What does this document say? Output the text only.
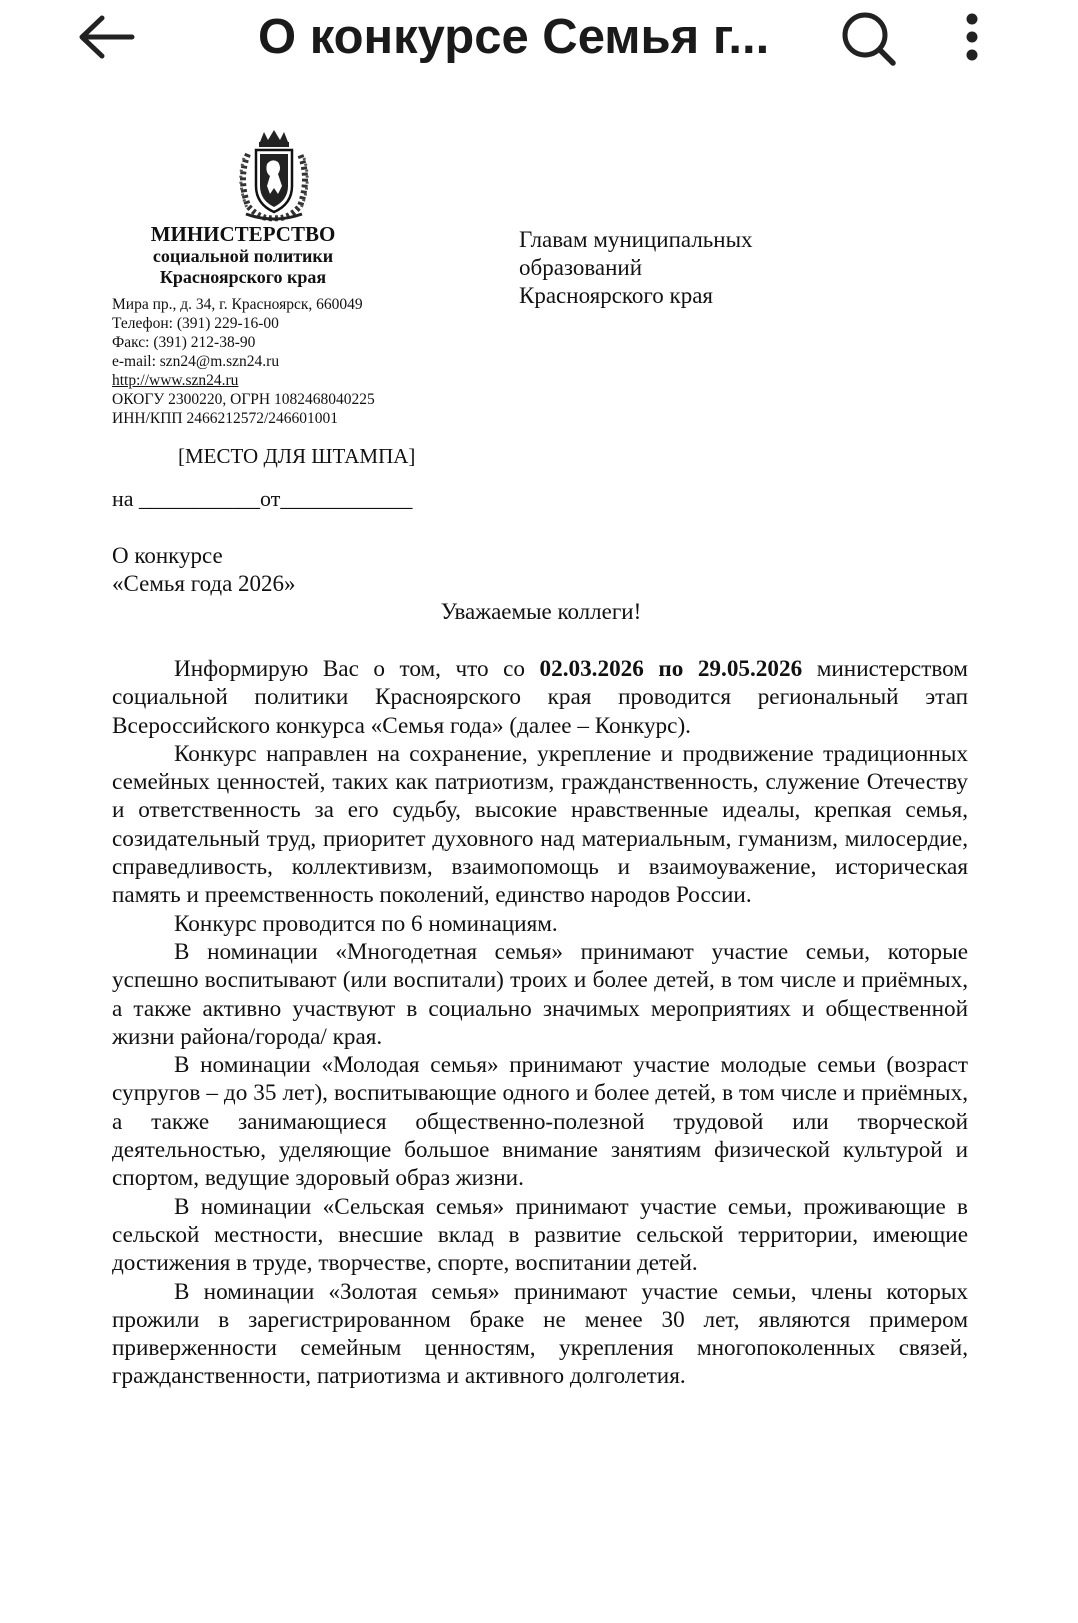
О конкурсе Семья г...
МИНИСТЕРСТВО
социальной политики
Красноярского края
Мира пр., д. 34, г. Красноярск, 660049
Телефон: (391) 229-16-00
Факс: (391) 212-38-90
e-mail: szn24@m.szn24.ru
http://www.szn24.ru
ОКОГУ 2300220, ОГРН 1082468040225
ИНН/КПП 2466212572/246601001
Главам муниципальных
образований
Красноярского края
[МЕСТО ДЛЯ ШТАМПА]
на ___________от____________
О конкурсе
«Семья года 2026»
Уважаемые коллеги!

Информирую Вас о том, что со 02.03.2026 по 29.05.2026 министерством социальной политики Красноярского края проводится региональный этап Всероссийского конкурса «Семья года» (далее – Конкурс).

Конкурс направлен на сохранение, укрепление и продвижение традиционных семейных ценностей, таких как патриотизм, гражданственность, служение Отечеству и ответственность за его судьбу, высокие нравственные идеалы, крепкая семья, созидательный труд, приоритет духовного над материальным, гуманизм, милосердие, справедливость, коллективизм, взаимопомощь и взаимоуважение, историческая память и преемственность поколений, единство народов России.

Конкурс проводится по 6 номинациям.

В номинации «Многодетная семья» принимают участие семьи, которые успешно воспитывают (или воспитали) троих и более детей, в том числе и приёмных, а также активно участвуют в социально значимых мероприятиях и общественной жизни района/города/ края.

В номинации «Молодая семья» принимают участие молодые семьи (возраст супругов – до 35 лет), воспитывающие одного и более детей, в том числе и приёмных, а также занимающиеся общественно-полезной трудовой или творческой деятельностью, уделяющие большое внимание занятиям физической культурой и спортом, ведущие здоровый образ жизни.

В номинации «Сельская семья» принимают участие семьи, проживающие в сельской местности, внесшие вклад в развитие сельской территории, имеющие достижения в труде, творчестве, спорте, воспитании детей.

В номинации «Золотая семья» принимают участие семьи, члены которых прожили в зарегистрированном браке не менее 30 лет, являются примером приверженности семейным ценностям, укрепления многопоколенных связей, гражданственности, патриотизма и активного долголетия.
